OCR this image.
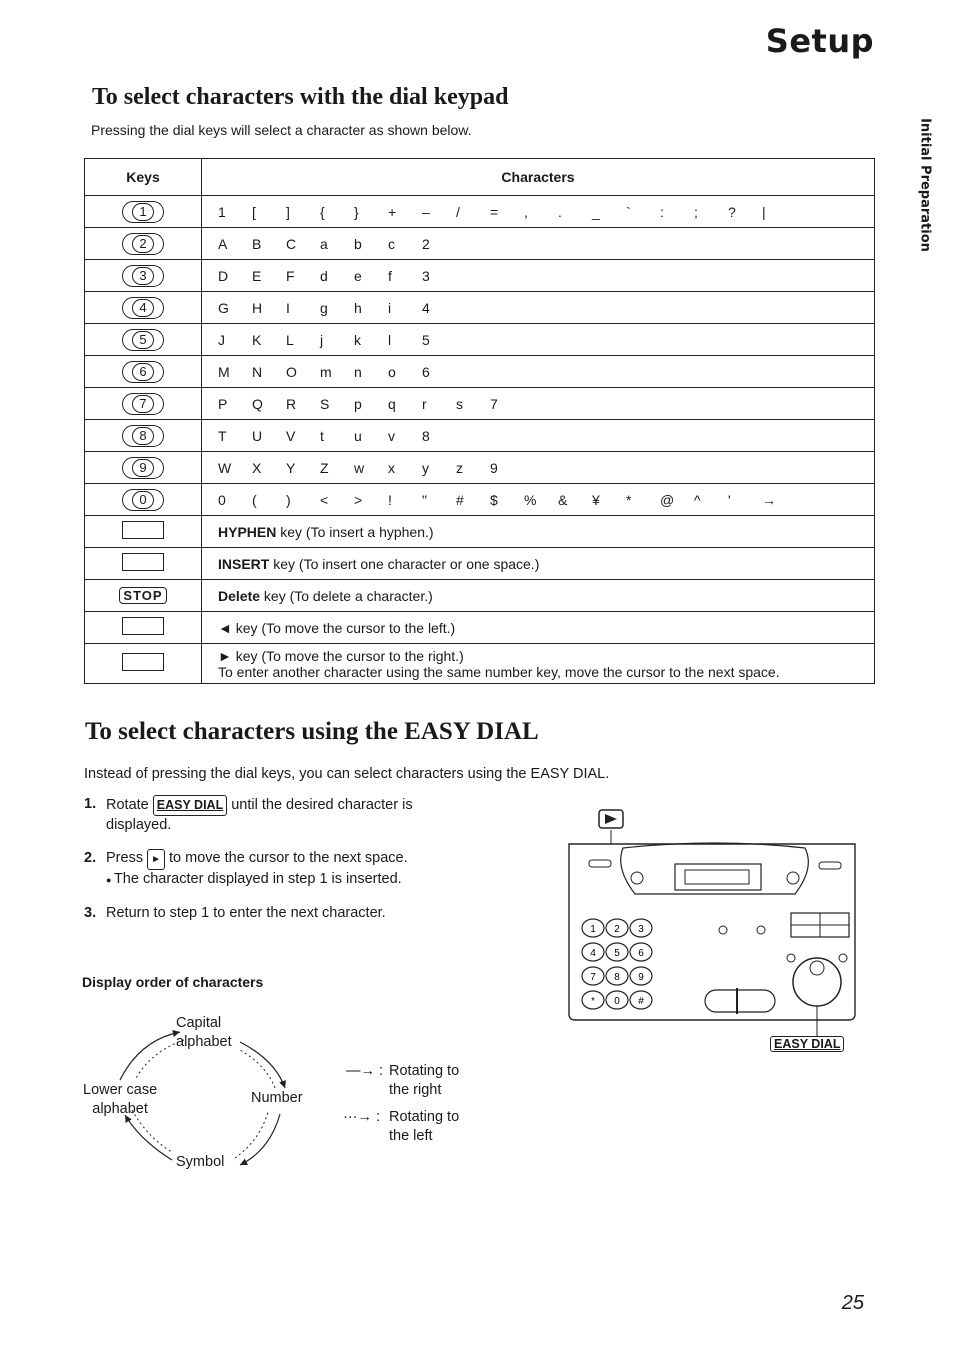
Setup
Initial Preparation
To select characters with the dial keypad
Pressing the dial keys will select a character as shown below.
Keys	Characters
1	1 [ ] { } + – / = , . _ ` : ; ? |
2	A B C a b c 2
3	D E F d e f 3
4	G H I g h i 4
5	J K L j k l 5
6	M N O m n o 6
7	P Q R S p q r s 7
8	T U V t u v 8
9	W X Y Z w x y z 9
0	0 ( ) < > ! " # $ % & ¥ * @ ^ ' →
	HYPHEN key (To insert a hyphen.)
	INSERT key (To insert one character or one space.)
STOP	Delete key (To delete a character.)
	◄ key (To move the cursor to the left.)
	► key (To move the cursor to the right.)
To enter another character using the same number key, move the cursor to the next space.
To select characters using the EASY DIAL
Instead of pressing the dial keys, you can select characters using the EASY DIAL.
1. Rotate EASY DIAL until the desired character is displayed.
2. Press ► to move the cursor to the next space.
● The character displayed in step 1 is inserted.
3. Return to step 1 to enter the next character.
Display order of characters
Capital
alphabet
Number
Symbol
Lower case
alphabet
—→ : Rotating to the right
···→ : Rotating to the left
1 2 3
4 5 6
7 8 9
* 0 #
EASY DIAL
25
